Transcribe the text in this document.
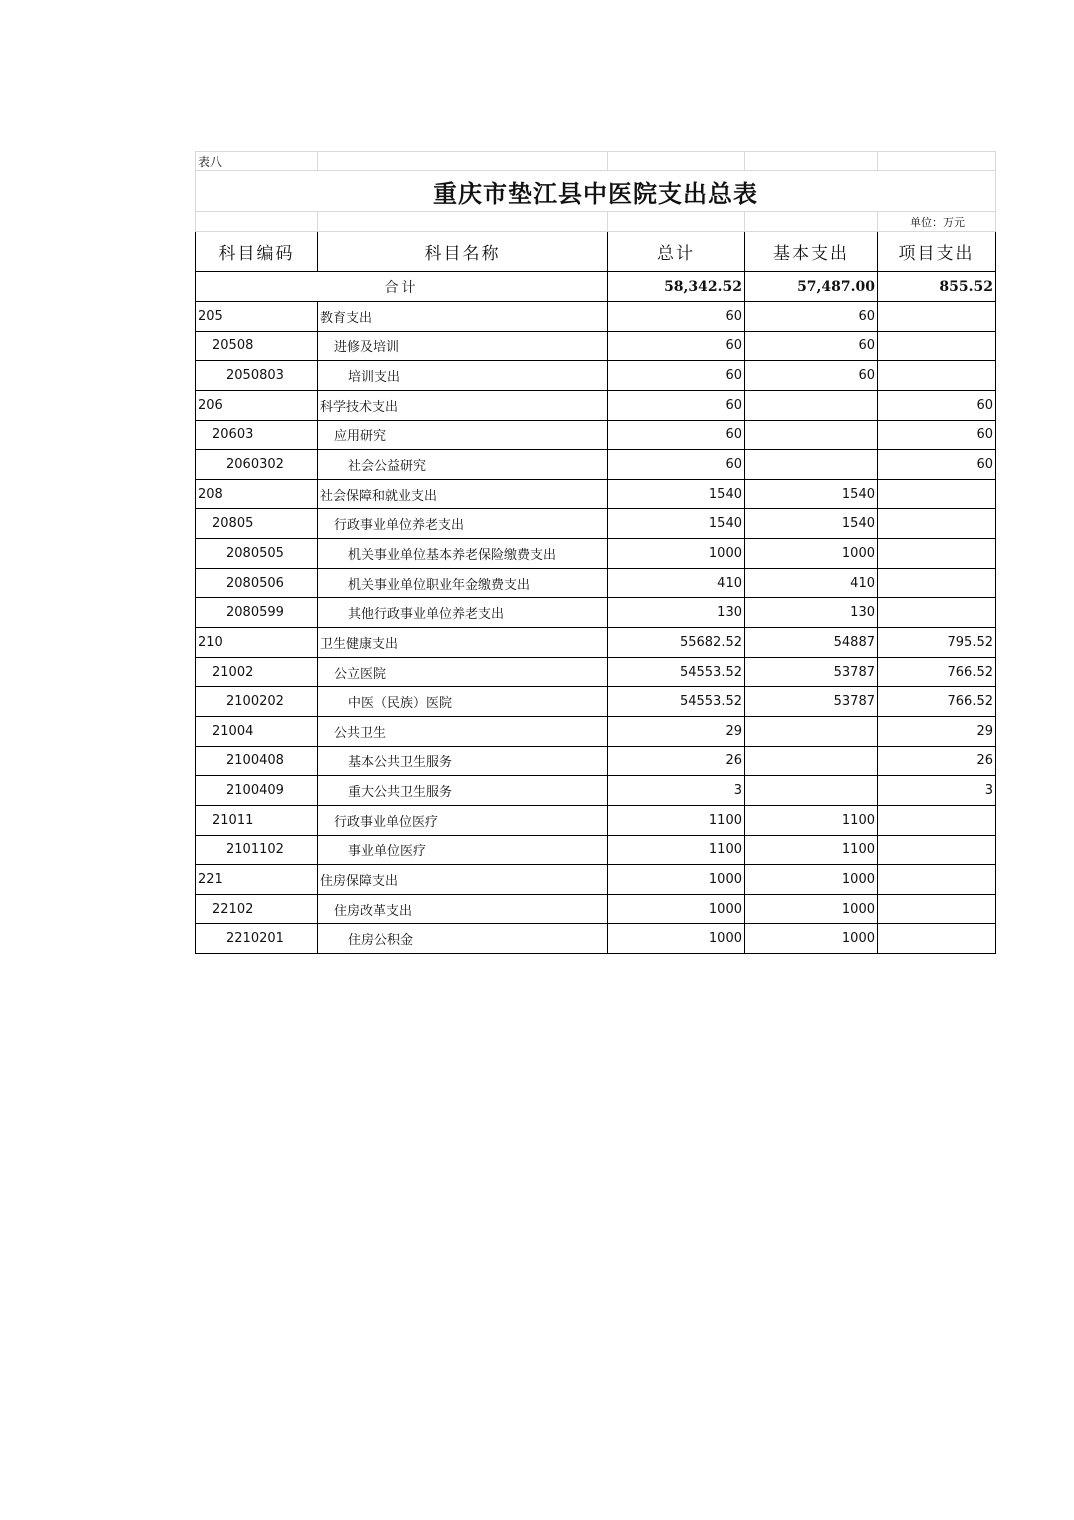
表八				
重庆市垫江县中医院支出总表				
				单位：万元
科目编码	科目名称	总计	基本支出	项目支出
合计		58,342.52	57,487.00	855.52
205	教育支出	60	60	
20508	进修及培训	60	60	
2050803	培训支出	60	60	
206	科学技术支出	60		60
20603	应用研究	60		60
2060302	社会公益研究	60		60
208	社会保障和就业支出	1540	1540	
20805	行政事业单位养老支出	1540	1540	
2080505	机关事业单位基本养老保险缴费支出	1000	1000	
2080506	机关事业单位职业年金缴费支出	410	410	
2080599	其他行政事业单位养老支出	130	130	
210	卫生健康支出	55682.52	54887	795.52
21002	公立医院	54553.52	53787	766.52
2100202	中医（民族）医院	54553.52	53787	766.52
21004	公共卫生	29		29
2100408	基本公共卫生服务	26		26
2100409	重大公共卫生服务	3		3
21011	行政事业单位医疗	1100	1100	
2101102	事业单位医疗	1100	1100	
221	住房保障支出	1000	1000	
22102	住房改革支出	1000	1000	
2210201	住房公积金	1000	1000	
